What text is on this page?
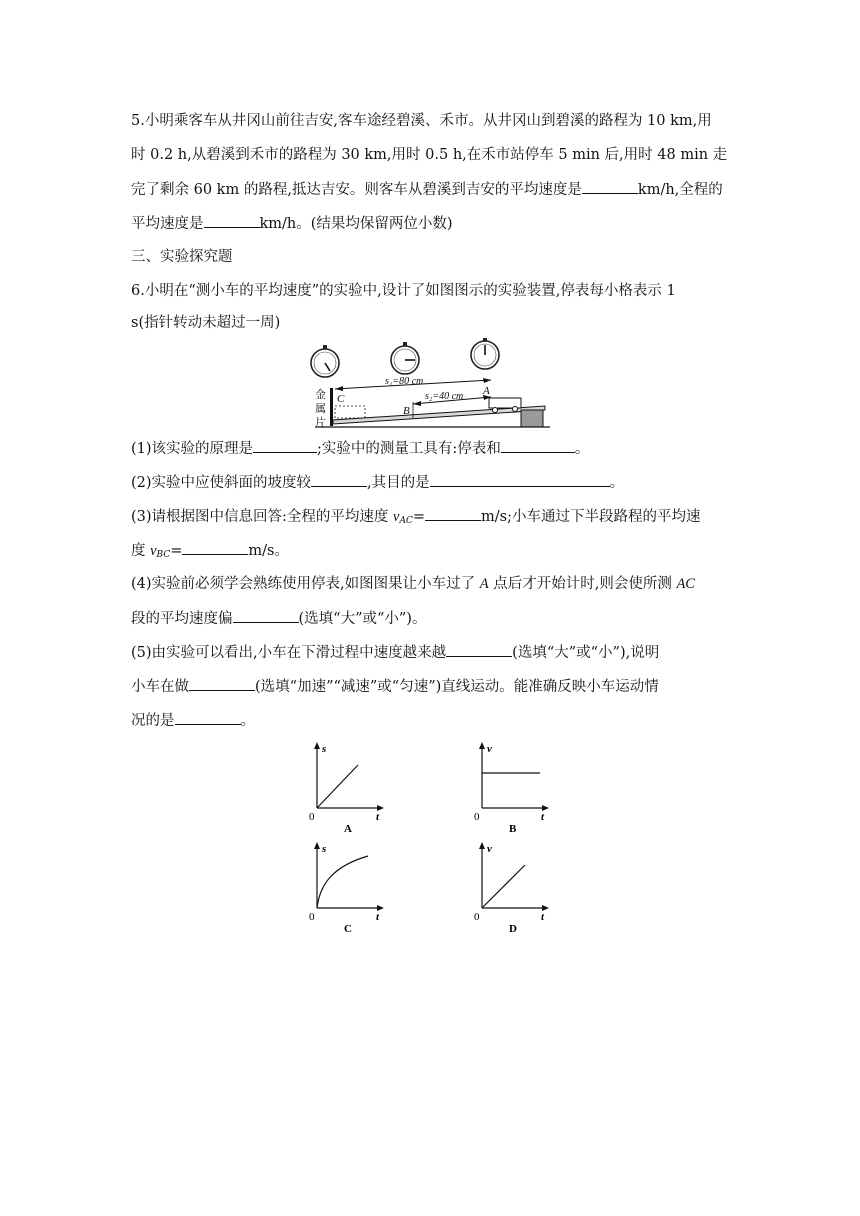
5.小明乘客车从井冈山前往吉安,客车途经碧溪、禾市。从井冈山到碧溪的路程为 10 km,用
时 0.2 h,从碧溪到禾市的路程为 30 km,用时 0.5 h,在禾市站停车 5 min 后,用时 48 min 走
完了剩余 60 km 的路程,抵达吉安。则客车从碧溪到吉安的平均速度是	km/h,全程的
平均速度是	km/h。(结果均保留两位小数)
三、实验探究题
6.小明在“测小车的平均速度”的实验中,设计了如图图示的实验装置,停表每小格表示 1
s(指针转动未超过一周)
s₁=80 cm
s₂=40 cm
金
属
片
B
C
A
(1)该实验的原理是	;实验中的测量工具有:停表和	。
(2)实验中应使斜面的坡度较	,其目的是	。
(3)请根据图中信息回答:全程的平均速度 $v_{AC}=$	m/s;小车通过下半段路程的平均速
度 $v_{BC}=$	m/s。
(4)实验前必须学会熟练使用停表,如图图果让小车过了 A 点后才开始计时,则会使所测 AC
段的平均速度偏	(选填“大”或“小”)。
(5)由实验可以看出,小车在下滑过程中速度越来越	(选填“大”或“小”),说明
小车在做	(选填“加速”“减速”或“匀速”)直线运动。能准确反映小车运动情
况的是	。
s
t
0
A
v
t
0
B
s
t
0
C
v
t
0
D
